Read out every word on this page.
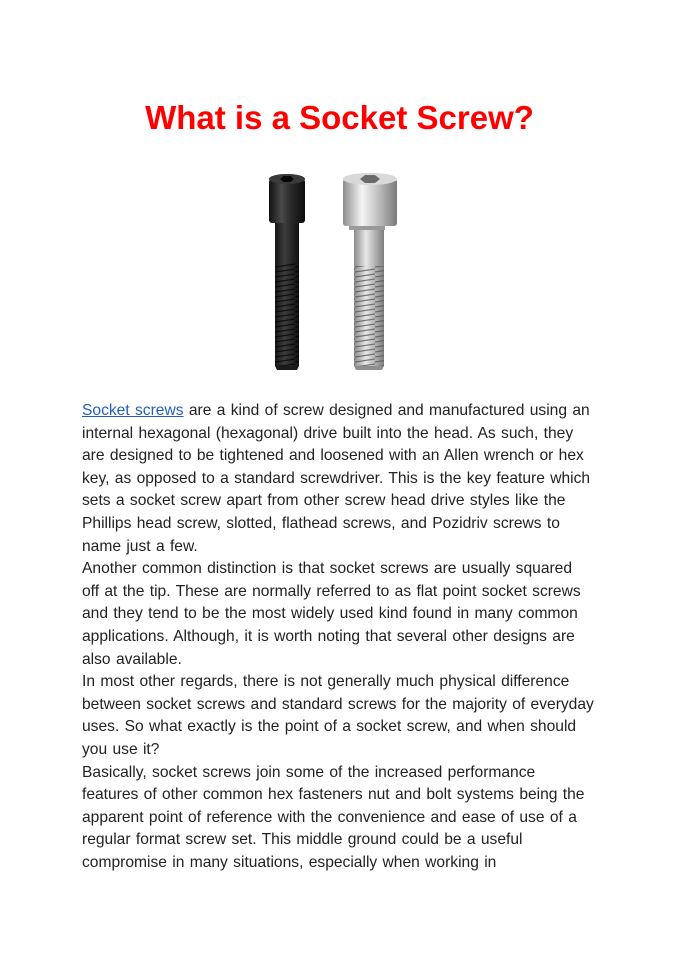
What is a Socket Screw?

Socket screws are a kind of screw designed and manufactured using an internal hexagonal (hexagonal) drive built into the head. As such, they are designed to be tightened and loosened with an Allen wrench or hex key, as opposed to a standard screwdriver. This is the key feature which sets a socket screw apart from other screw head drive styles like the Phillips head screw, slotted, flathead screws, and Pozidriv screws to name just a few.

Another common distinction is that socket screws are usually squared off at the tip. These are normally referred to as flat point socket screws and they tend to be the most widely used kind found in many common applications. Although, it is worth noting that several other designs are also available.

In most other regards, there is not generally much physical difference between socket screws and standard screws for the majority of everyday uses. So what exactly is the point of a socket screw, and when should you use it?

Basically, socket screws join some of the increased performance features of other common hex fasteners nut and bolt systems being the apparent point of reference with the convenience and ease of use of a regular format screw set. This middle ground could be a useful compromise in many situations, especially when working in
